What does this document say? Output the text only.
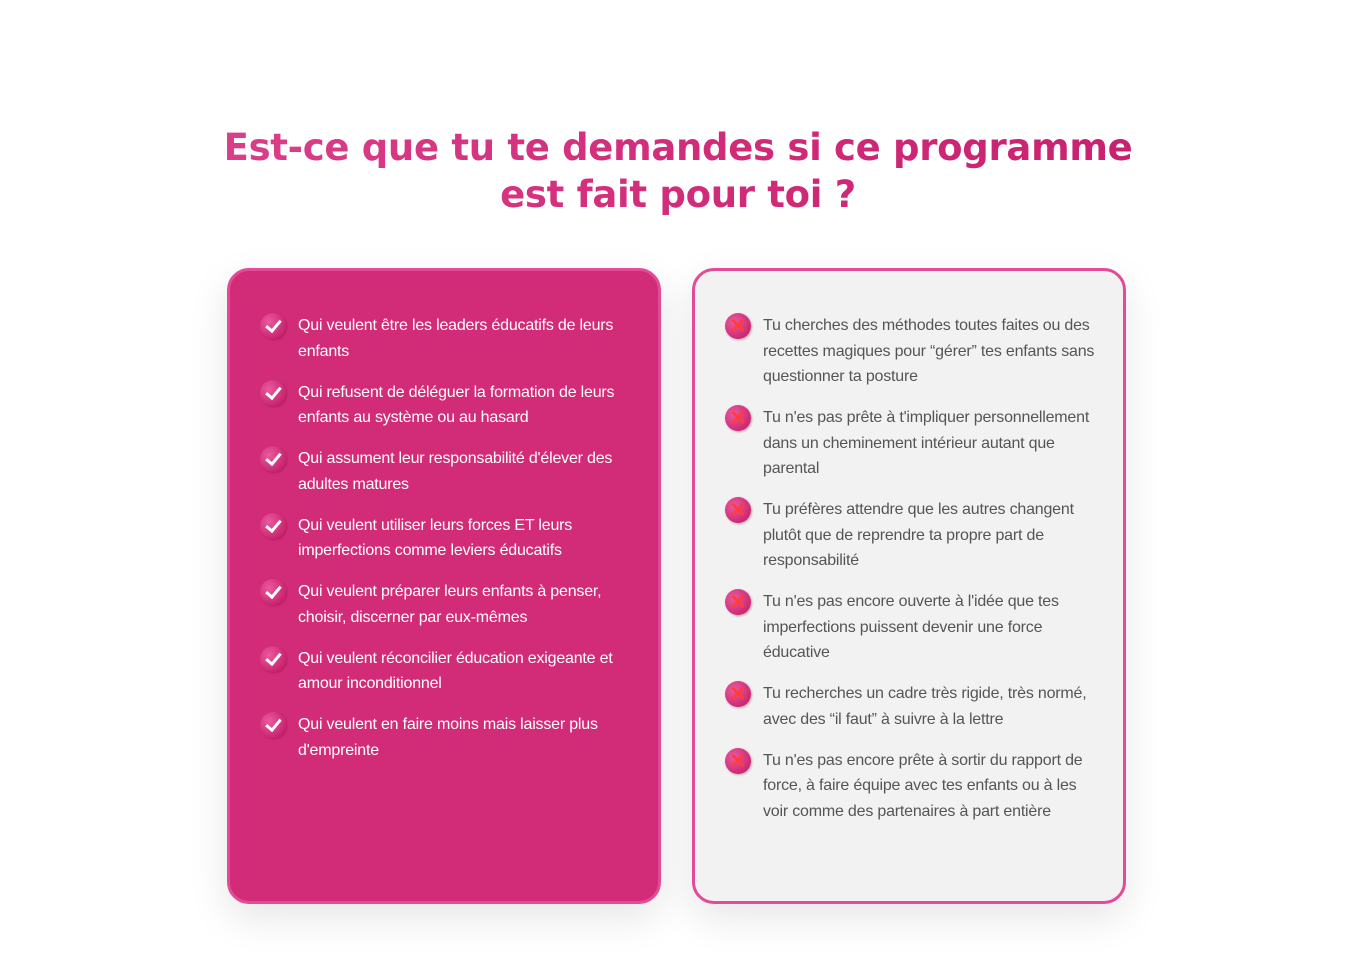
Est-ce que tu te demandes si ce programme
est fait pour toi ?
Qui veulent être les leaders éducatifs de leurs enfants
Qui refusent de déléguer la formation de leurs enfants au système ou au hasard
Qui assument leur responsabilité d'élever des adultes matures
Qui veulent utiliser leurs forces ET leurs imperfections comme leviers éducatifs
Qui veulent préparer leurs enfants à penser, choisir, discerner par eux-mêmes
Qui veulent réconcilier éducation exigeante et amour inconditionnel
Qui veulent en faire moins mais laisser plus d'empreinte
Tu cherches des méthodes toutes faites ou des recettes magiques pour “gérer” tes enfants sans questionner ta posture
Tu n'es pas prête à t'impliquer personnellement dans un cheminement intérieur autant que parental
Tu préfères attendre que les autres changent plutôt que de reprendre ta propre part de responsabilité
Tu n'es pas encore ouverte à l'idée que tes imperfections puissent devenir une force éducative
Tu recherches un cadre très rigide, très normé, avec des “il faut” à suivre à la lettre
Tu n'es pas encore prête à sortir du rapport de force, à faire équipe avec tes enfants ou à les voir comme des partenaires à part entière
